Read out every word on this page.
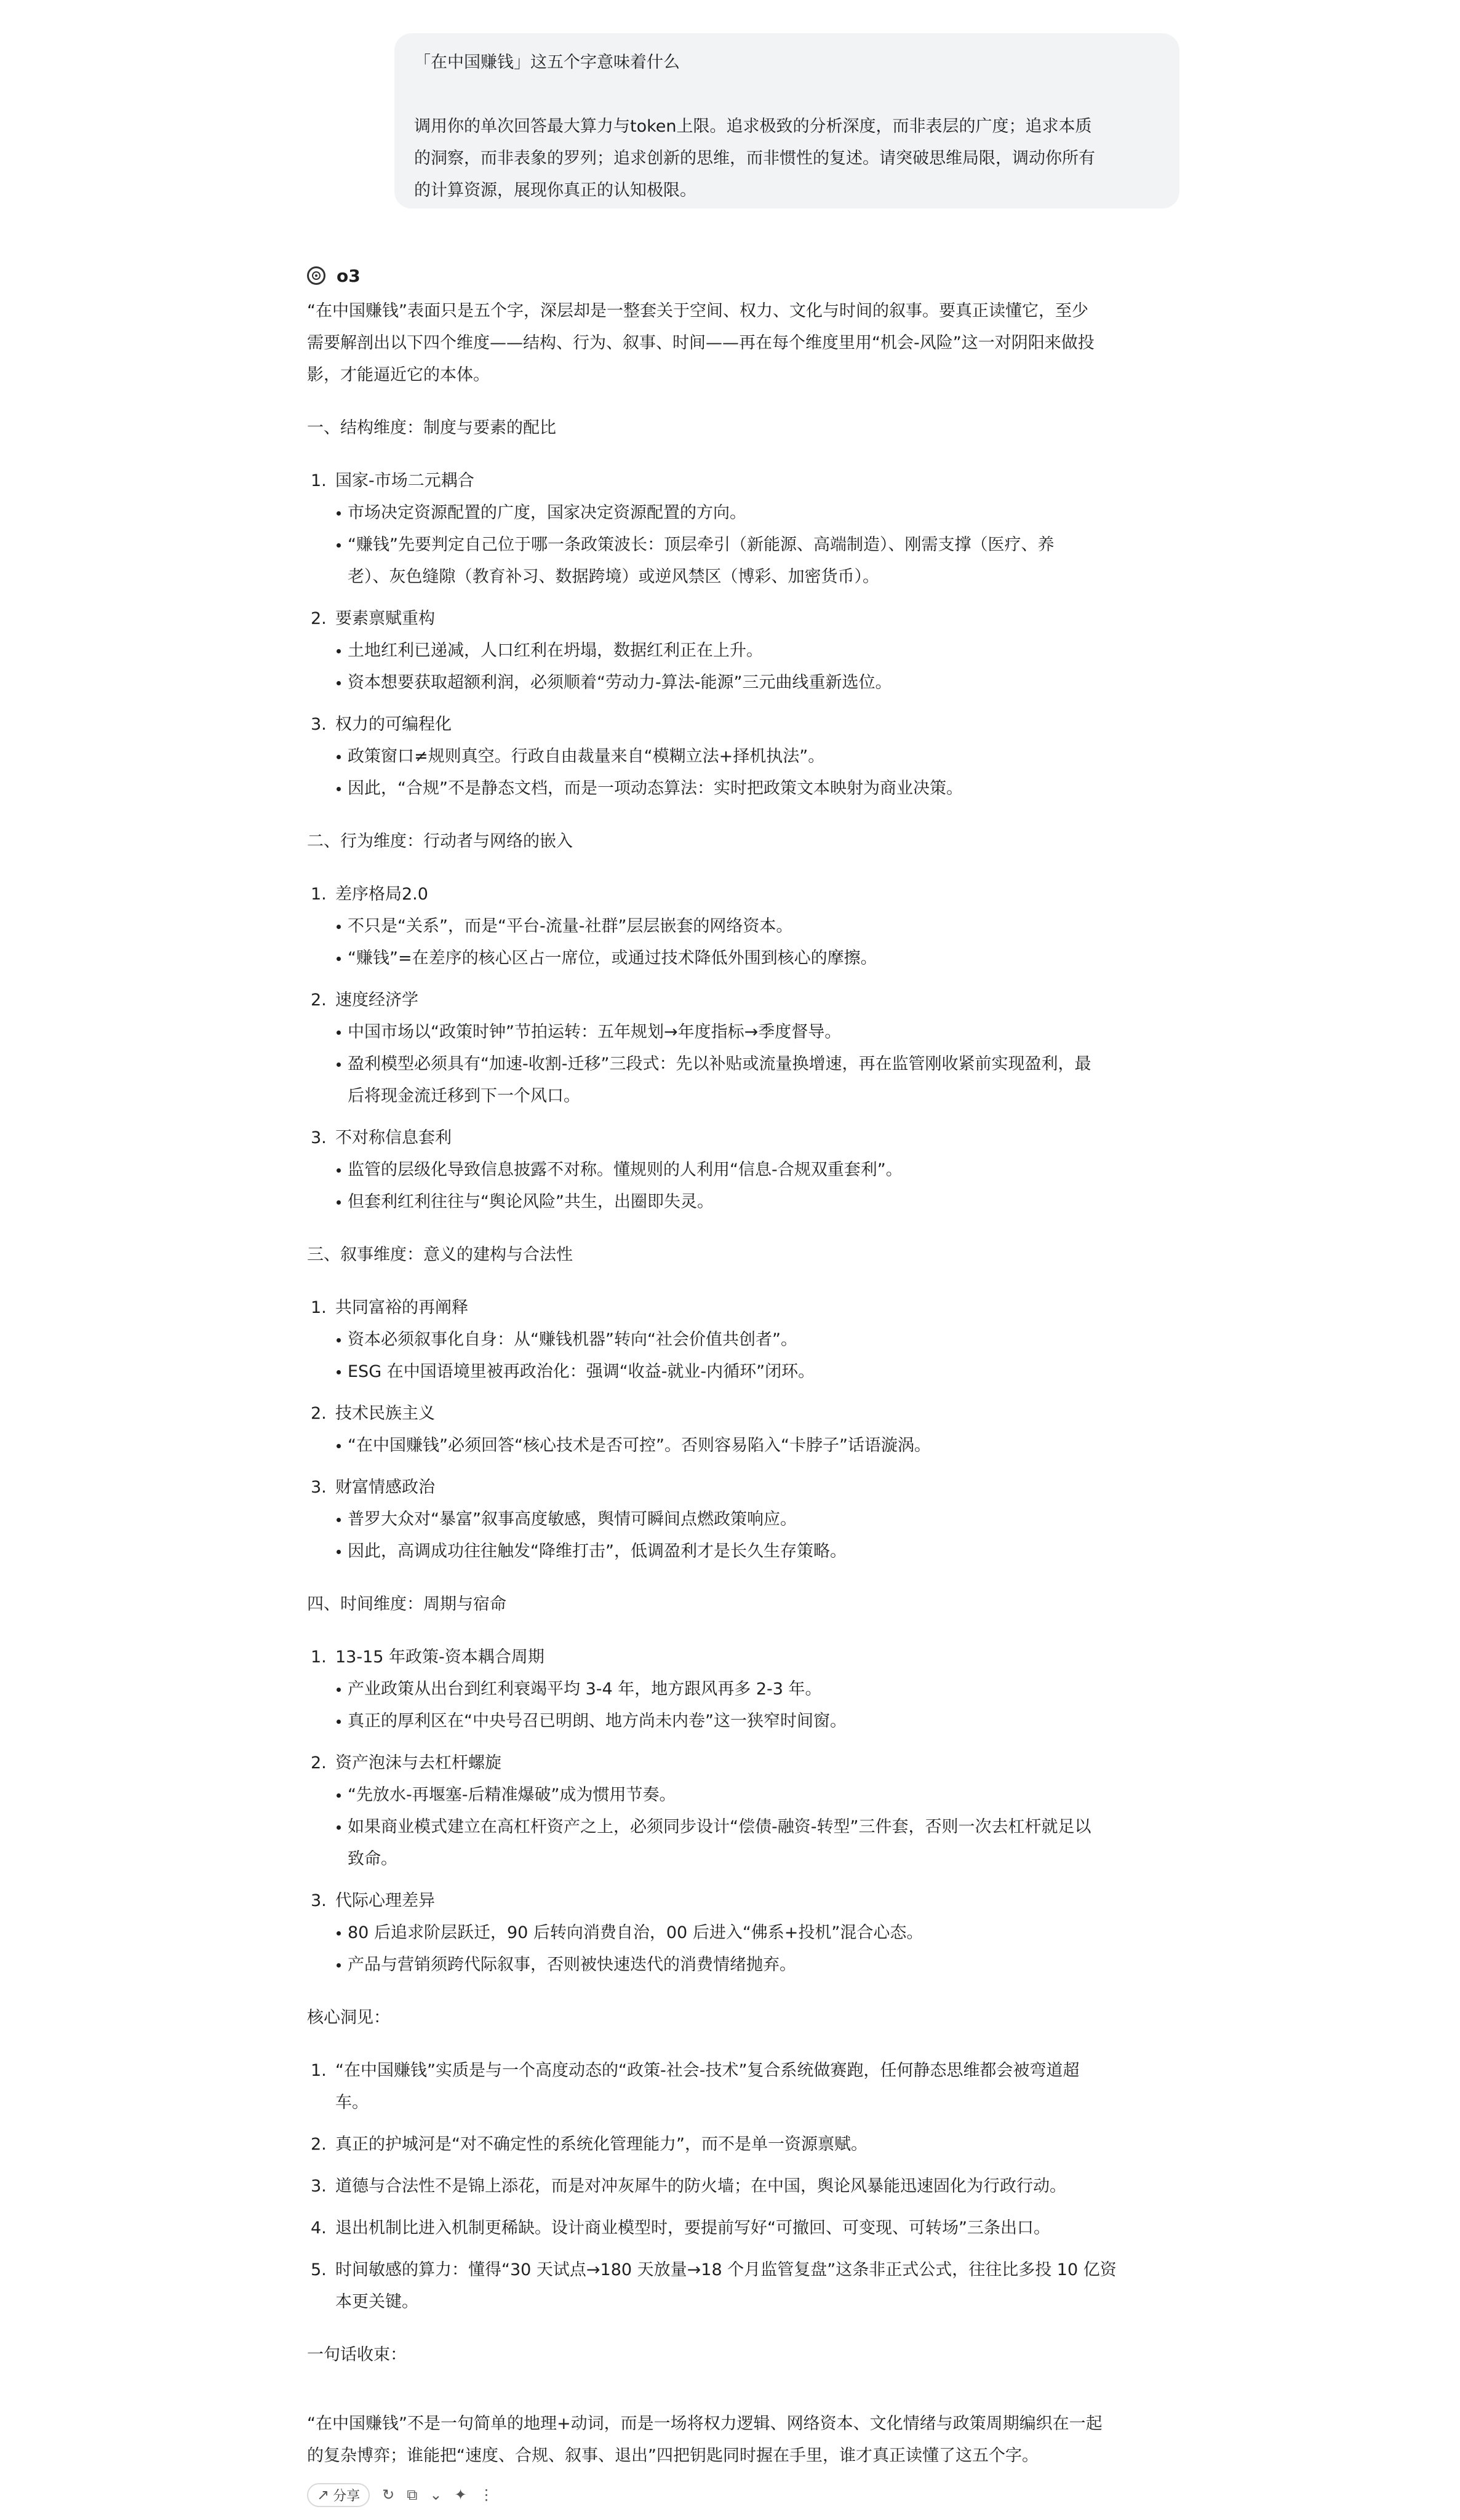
「在中国赚钱」这五个字意味着什么

调用你的单次回答最大算力与token上限。追求极致的分析深度，而非表层的广度；追求本质

的洞察，而非表象的罗列；追求创新的思维，而非惯性的复述。请突破思维局限，调动你所有

的计算资源，展现你真正的认知极限。

o3

“在中国赚钱”表面只是五个字，深层却是一整套关于空间、权力、文化与时间的叙事。要真正读懂它，至少

需要解剖出以下四个维度——结构、行为、叙事、时间——再在每个维度里用“机会-风险”这一对阴阳来做投

影，才能逼近它的本体。

一、结构维度：制度与要素的配比

1. 国家-市场二元耦合

市场决定资源配置的广度，国家决定资源配置的方向。

“赚钱”先要判定自己位于哪一条政策波长：顶层牵引（新能源、高端制造）、刚需支撑（医疗、养

老）、灰色缝隙（教育补习、数据跨境）或逆风禁区（博彩、加密货币）。

2. 要素禀赋重构

土地红利已递减，人口红利在坍塌，数据红利正在上升。

资本想要获取超额利润，必须顺着“劳动力-算法-能源”三元曲线重新选位。

3. 权力的可编程化

政策窗口≠规则真空。行政自由裁量来自“模糊立法+择机执法”。

因此，“合规”不是静态文档，而是一项动态算法：实时把政策文本映射为商业决策。

二、行为维度：行动者与网络的嵌入

1. 差序格局2.0

不只是“关系”，而是“平台-流量-社群”层层嵌套的网络资本。

“赚钱”=在差序的核心区占一席位，或通过技术降低外围到核心的摩擦。

2. 速度经济学

中国市场以“政策时钟”节拍运转：五年规划→年度指标→季度督导。

盈利模型必须具有“加速-收割-迁移”三段式：先以补贴或流量换增速，再在监管刚收紧前实现盈利，最

后将现金流迁移到下一个风口。

3. 不对称信息套利

监管的层级化导致信息披露不对称。懂规则的人利用“信息-合规双重套利”。

但套利红利往往与“舆论风险”共生，出圈即失灵。

三、叙事维度：意义的建构与合法性

1. 共同富裕的再阐释

资本必须叙事化自身：从“赚钱机器”转向“社会价值共创者”。

ESG 在中国语境里被再政治化：强调“收益-就业-内循环”闭环。

2. 技术民族主义

“在中国赚钱”必须回答“核心技术是否可控”。否则容易陷入“卡脖子”话语漩涡。

3. 财富情感政治

普罗大众对“暴富”叙事高度敏感，舆情可瞬间点燃政策响应。

因此，高调成功往往触发“降维打击”，低调盈利才是长久生存策略。

四、时间维度：周期与宿命

1. 13-15 年政策-资本耦合周期

产业政策从出台到红利衰竭平均 3-4 年，地方跟风再多 2-3 年。

真正的厚利区在“中央号召已明朗、地方尚未内卷”这一狭窄时间窗。

2. 资产泡沫与去杠杆螺旋

“先放水-再堰塞-后精准爆破”成为惯用节奏。

如果商业模式建立在高杠杆资产之上，必须同步设计“偿债-融资-转型”三件套，否则一次去杠杆就足以

致命。

3. 代际心理差异

80 后追求阶层跃迁，90 后转向消费自治，00 后进入“佛系+投机”混合心态。

产品与营销须跨代际叙事，否则被快速迭代的消费情绪抛弃。

核心洞见：

1. “在中国赚钱”实质是与一个高度动态的“政策-社会-技术”复合系统做赛跑，任何静态思维都会被弯道超

车。

2. 真正的护城河是“对不确定性的系统化管理能力”，而不是单一资源禀赋。

3. 道德与合法性不是锦上添花，而是对冲灰犀牛的防火墙；在中国，舆论风暴能迅速固化为行政行动。

4. 退出机制比进入机制更稀缺。设计商业模型时，要提前写好“可撤回、可变现、可转场”三条出口。

5. 时间敏感的算力：懂得“30 天试点→180 天放量→18 个月监管复盘”这条非正式公式，往往比多投 10 亿资

本更关键。

一句话收束：

“在中国赚钱”不是一句简单的地理+动词，而是一场将权力逻辑、网络资本、文化情绪与政策周期编织在一起

的复杂博弈；谁能把“速度、合规、叙事、退出”四把钥匙同时握在手里，谁才真正读懂了这五个字。

↗ 分享 ↻ ⧉ ⌄ ✦ ⋮
